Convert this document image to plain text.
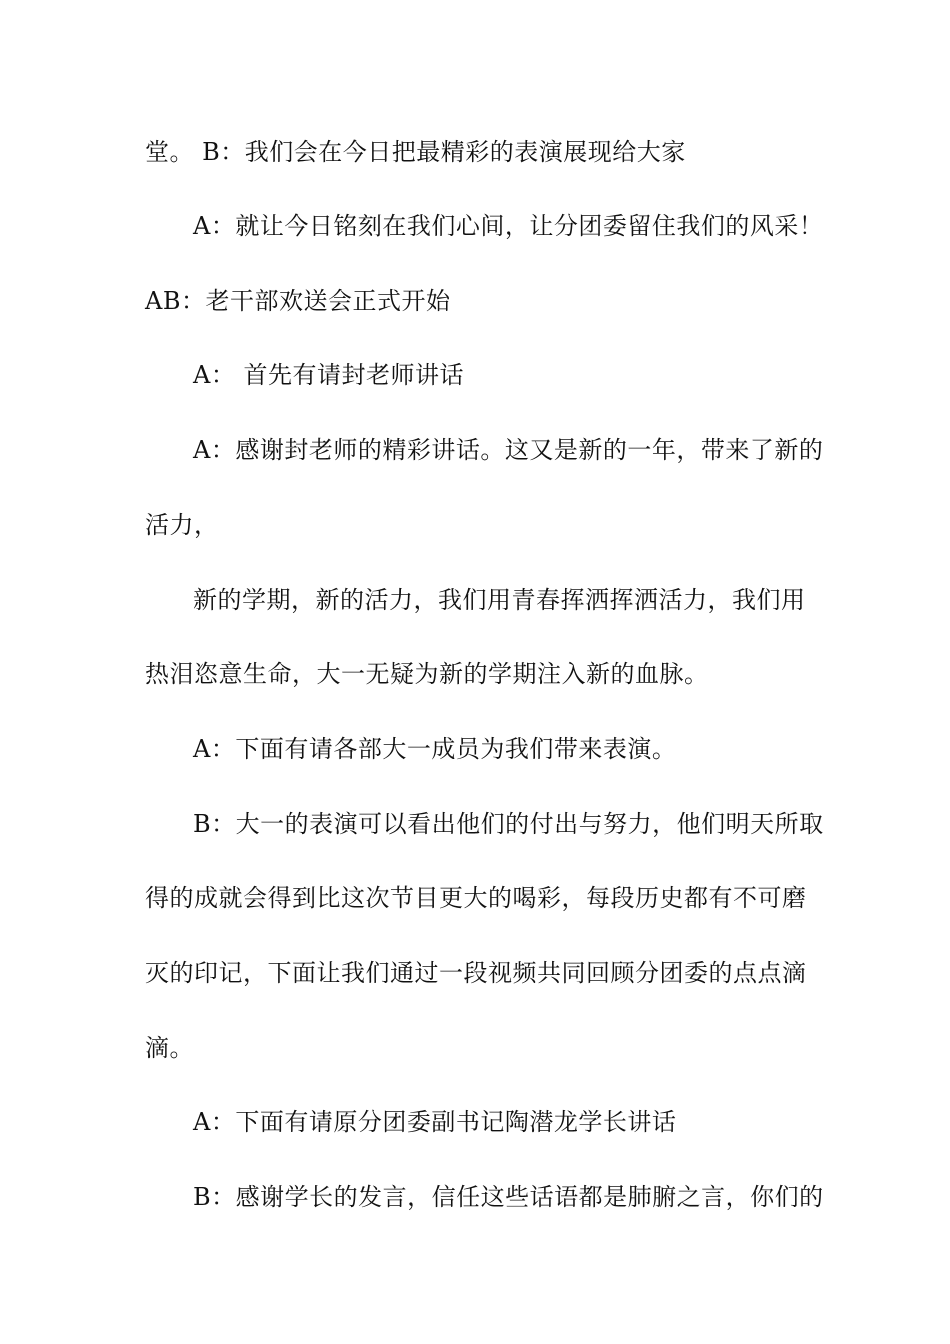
堂。 B：我们会在今日把最精彩的表演展现给大家
A：就让今日铭刻在我们心间，让分团委留住我们的风采！
AB：老干部欢送会正式开始
A： 首先有请封老师讲话
A：感谢封老师的精彩讲话。这又是新的一年，带来了新的
活力，
新的学期，新的活力，我们用青春挥洒挥洒活力，我们用
热泪恣意生命，大一无疑为新的学期注入新的血脉。
A：下面有请各部大一成员为我们带来表演。
B：大一的表演可以看出他们的付出与努力，他们明天所取
得的成就会得到比这次节目更大的喝彩，每段历史都有不可磨
灭的印记，下面让我们通过一段视频共同回顾分团委的点点滴
滴。
A：下面有请原分团委副书记陶潜龙学长讲话
B：感谢学长的发言，信任这些话语都是肺腑之言，你们的
